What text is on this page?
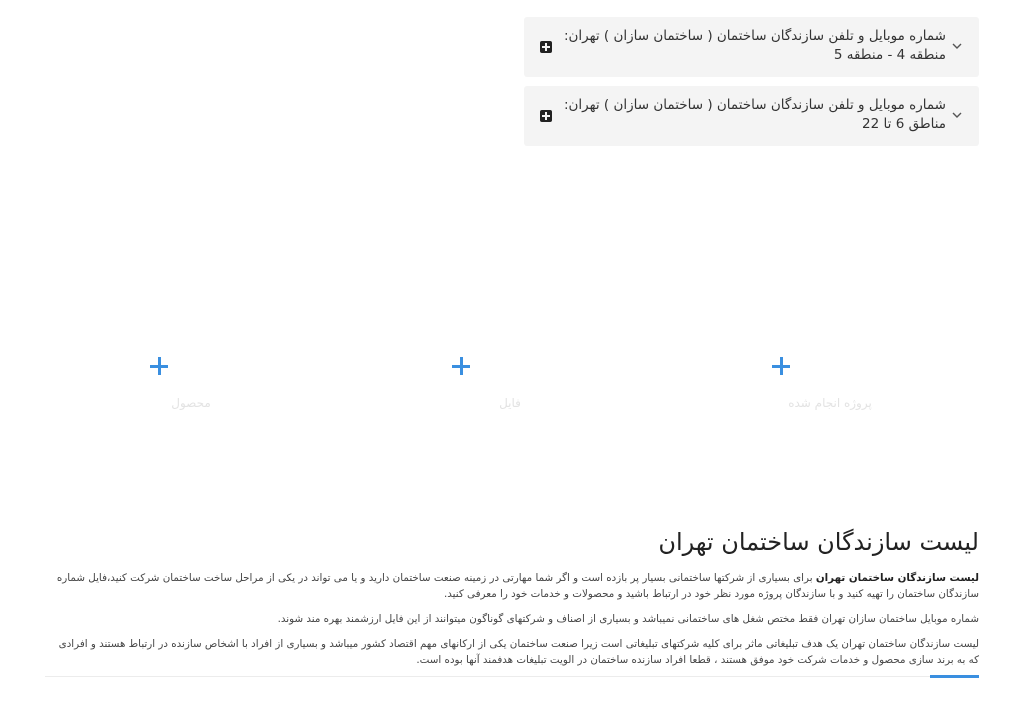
شماره موبایل و تلفن سازندگان ساختمان ( ساختمان سازان ) تهران:
منطقه 4 - منطقه 5
شماره موبایل و تلفن سازندگان ساختمان ( ساختمان سازان ) تهران:
مناطق 6 تا 22
پروژه انجام شده
فایل
محصول
لیست سازندگان ساختمان تهران

لیست سازندگان ساختمان تهران برای بسیاری از شرکتها ساختمانی بسیار پر بازده است و اگر شما مهارتی در زمینه صنعت ساختمان دارید و یا می تواند در یکی از مراحل ساخت ساختمان شرکت کنید،فایل شماره سازندگان ساختمان را تهیه کنید و با سازندگان پروژه مورد نظر خود در ارتباط باشید و محصولات و خدمات خود را معرفی کنید.

شماره موبایل ساختمان سازان تهران فقط مختص شغل های ساختمانی نمیباشد و بسیاری از اصناف و شرکتهای گوناگون میتوانند از این فایل ارزشمند بهره مند شوند.

لیست سازندگان ساختمان تهران یک هدف تبلیغاتی ماثر برای کلیه شرکتهای تبلیغاتی است زیرا صنعت ساختمان یکی از ارکانهای مهم اقتصاد کشور میباشد و بسیاری از افراد با اشخاص سازنده در ارتباط هستند و افرادی که به برند سازی محصول و خدمات شرکت خود موفق هستند ، قطعا افراد سازنده ساختمان در الویت تبلیغات هدفمند آنها بوده است.
